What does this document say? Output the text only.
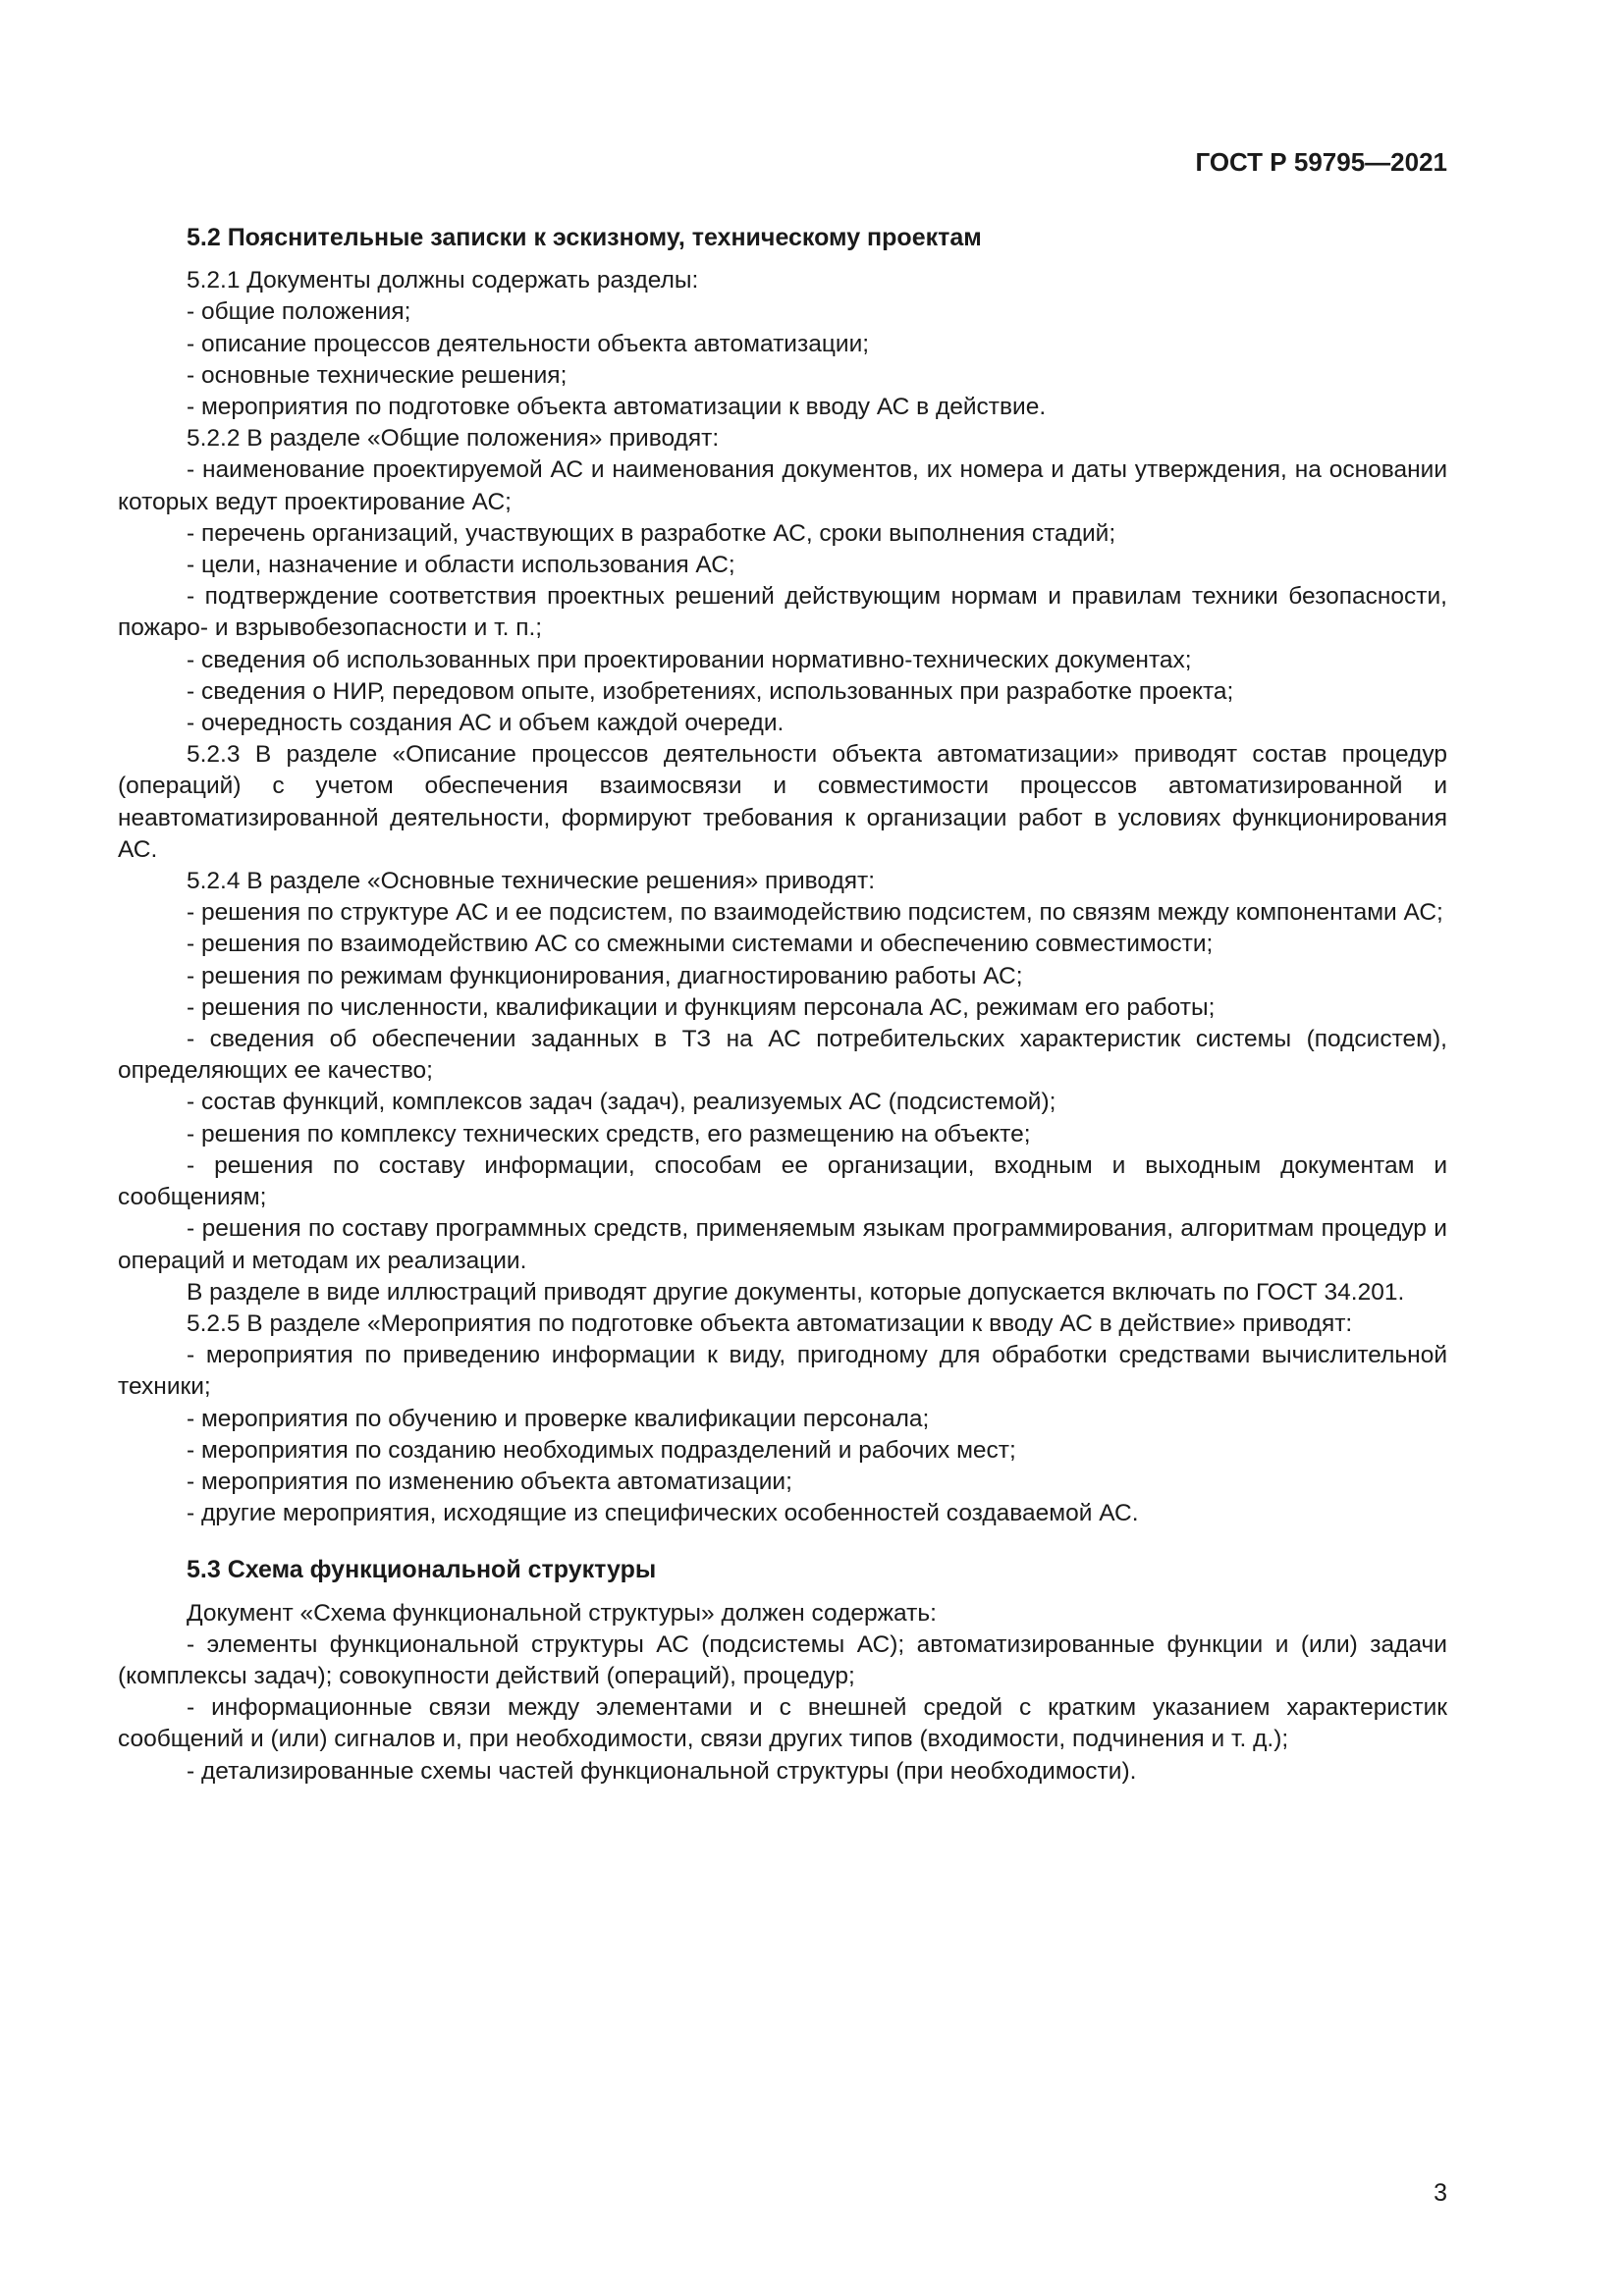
ГОСТ Р 59795—2021

5.2 Пояснительные записки к эскизному, техническому проектам

5.2.1 Документы должны содержать разделы:

- общие положения;

- описание процессов деятельности объекта автоматизации;

- основные технические решения;

- мероприятия по подготовке объекта автоматизации к вводу АС в действие.

5.2.2 В разделе «Общие положения» приводят:

- наименование проектируемой АС и наименования документов, их номера и даты утверждения, на основании которых ведут проектирование АС;

- перечень организаций, участвующих в разработке АС, сроки выполнения стадий;

- цели, назначение и области использования АС;

- подтверждение соответствия проектных решений действующим нормам и правилам техники безопасности, пожаро- и взрывобезопасности и т. п.;

- сведения об использованных при проектировании нормативно-технических документах;

- сведения о НИР, передовом опыте, изобретениях, использованных при разработке проекта;

- очередность создания АС и объем каждой очереди.

5.2.3 В разделе «Описание процессов деятельности объекта автоматизации» приводят состав процедур (операций) с учетом обеспечения взаимосвязи и совместимости процессов автоматизированной и неавтоматизированной деятельности, формируют требования к организации работ в условиях функционирования АС.

5.2.4 В разделе «Основные технические решения» приводят:

- решения по структуре АС и ее подсистем, по взаимодействию подсистем, по связям между компонентами АС;

- решения по взаимодействию АС со смежными системами и обеспечению совместимости;

- решения по режимам функционирования, диагностированию работы АС;

- решения по численности, квалификации и функциям персонала АС, режимам его работы;

- сведения об обеспечении заданных в ТЗ на АС потребительских характеристик системы (подсистем), определяющих ее качество;

- состав функций, комплексов задач (задач), реализуемых АС (подсистемой);

- решения по комплексу технических средств, его размещению на объекте;

- решения по составу информации, способам ее организации, входным и выходным документам и сообщениям;

- решения по составу программных средств, применяемым языкам программирования, алгоритмам процедур и операций и методам их реализации.

В разделе в виде иллюстраций приводят другие документы, которые допускается включать по ГОСТ 34.201.

5.2.5 В разделе «Мероприятия по подготовке объекта автоматизации к вводу АС в действие» приводят:

- мероприятия по приведению информации к виду, пригодному для обработки средствами вычислительной техники;

- мероприятия по обучению и проверке квалификации персонала;

- мероприятия по созданию необходимых подразделений и рабочих мест;

- мероприятия по изменению объекта автоматизации;

- другие мероприятия, исходящие из специфических особенностей создаваемой АС.

5.3 Схема функциональной структуры

Документ «Схема функциональной структуры» должен содержать:

- элементы функциональной структуры АС (подсистемы АС); автоматизированные функции и (или) задачи (комплексы задач); совокупности действий (операций), процедур;

- информационные связи между элементами и с внешней средой с кратким указанием характеристик сообщений и (или) сигналов и, при необходимости, связи других типов (входимости, подчинения и т. д.);

- детализированные схемы частей функциональной структуры (при необходимости).

3
